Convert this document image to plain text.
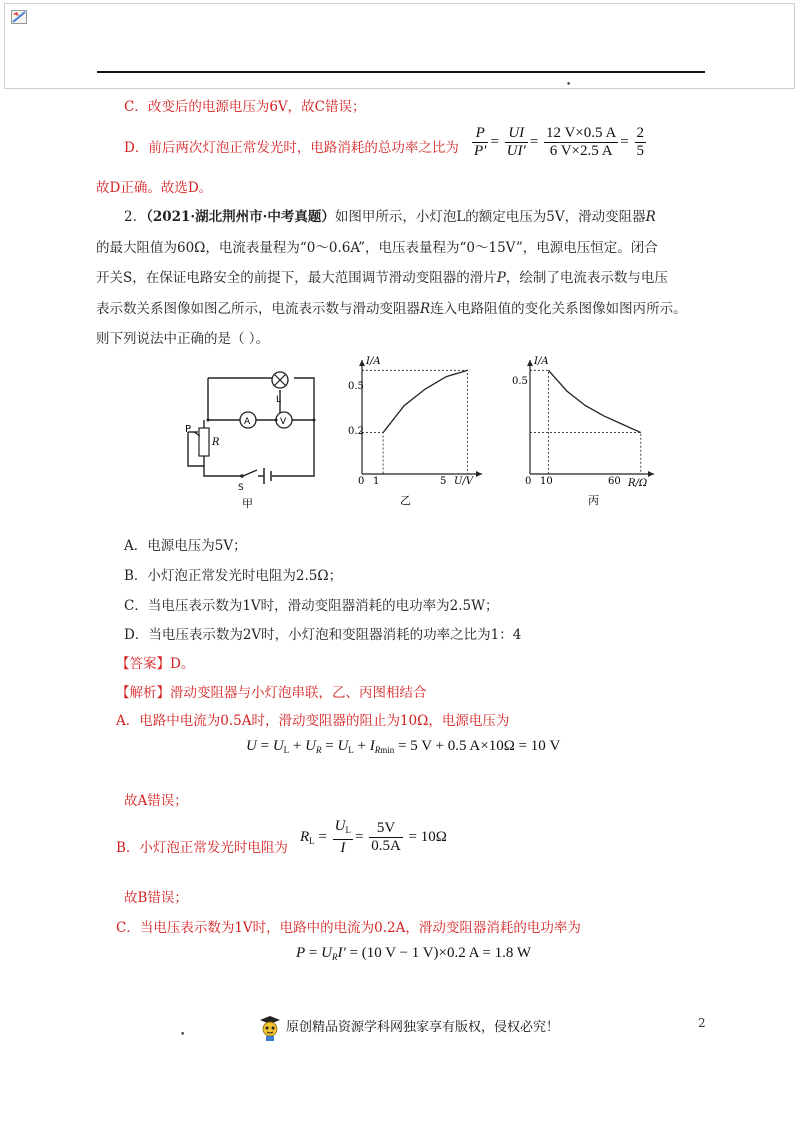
•
C．改变后的电源电压为6V，故C错误；
D．前后两次灯泡正常发光时，电路消耗的总功率之比为 $\frac{P}{P'} = \frac{UI}{UI'} = \frac{12 V\times 0.5 A}{6 V\times 2.5 A} = \frac{2}{5}$
故D正确。故选D。
2．（2021·湖北荆州市·中考真题）如图甲所示，小灯泡L的额定电压为5V，滑动变阻器R
的最大阻值为60Ω，电流表量程为“0～0.6A”，电压表量程为“0～15V”，电源电压恒定。闭合
开关S，在保证电路安全的前提下，最大范围调节滑动变阻器的滑片P，绘制了电流表示数与电压
表示数关系图像如图乙所示，电流表示数与滑动变阻器R连入电路阻值的变化关系图像如图丙所示。
则下列说法中正确的是（ ）。
P
R
A	V
L
S
甲
I/A
U/V
0.5
0.2
0 1	5
乙
I/A
R/Ω
0.5
0 10	60
丙
A．电源电压为5V；
B．小灯泡正常发光时电阻为2.5Ω；
C．当电压表示数为1V时，滑动变阻器消耗的电功率为2.5W；
D．当电压表示数为2V时，小灯泡和变阻器消耗的功率之比为1：4
【答案】D。
【解析】滑动变阻器与小灯泡串联，乙、丙图相结合
A．电路中电流为0.5A时，滑动变阻器的阻止为10Ω，电源电压为
$U = U_L + U_R = U_L + I_{Rmin} = 5$ V + 0.5 A×10Ω = 10 V
故A错误；
B．小灯泡正常发光时电阻为
$R_L = \frac{U_L}{I} = \frac{5V}{0.5A} = 10\Omega$
故B错误；
C．当电压表示数为1V时，电路中的电流为0.2A，滑动变阻器消耗的电功率为
$P = U_RI' = (10$ V − 1 V)×0.2 A = 1.8 W
•	原创精品资源学科网独家享有版权，侵权必究！	2
